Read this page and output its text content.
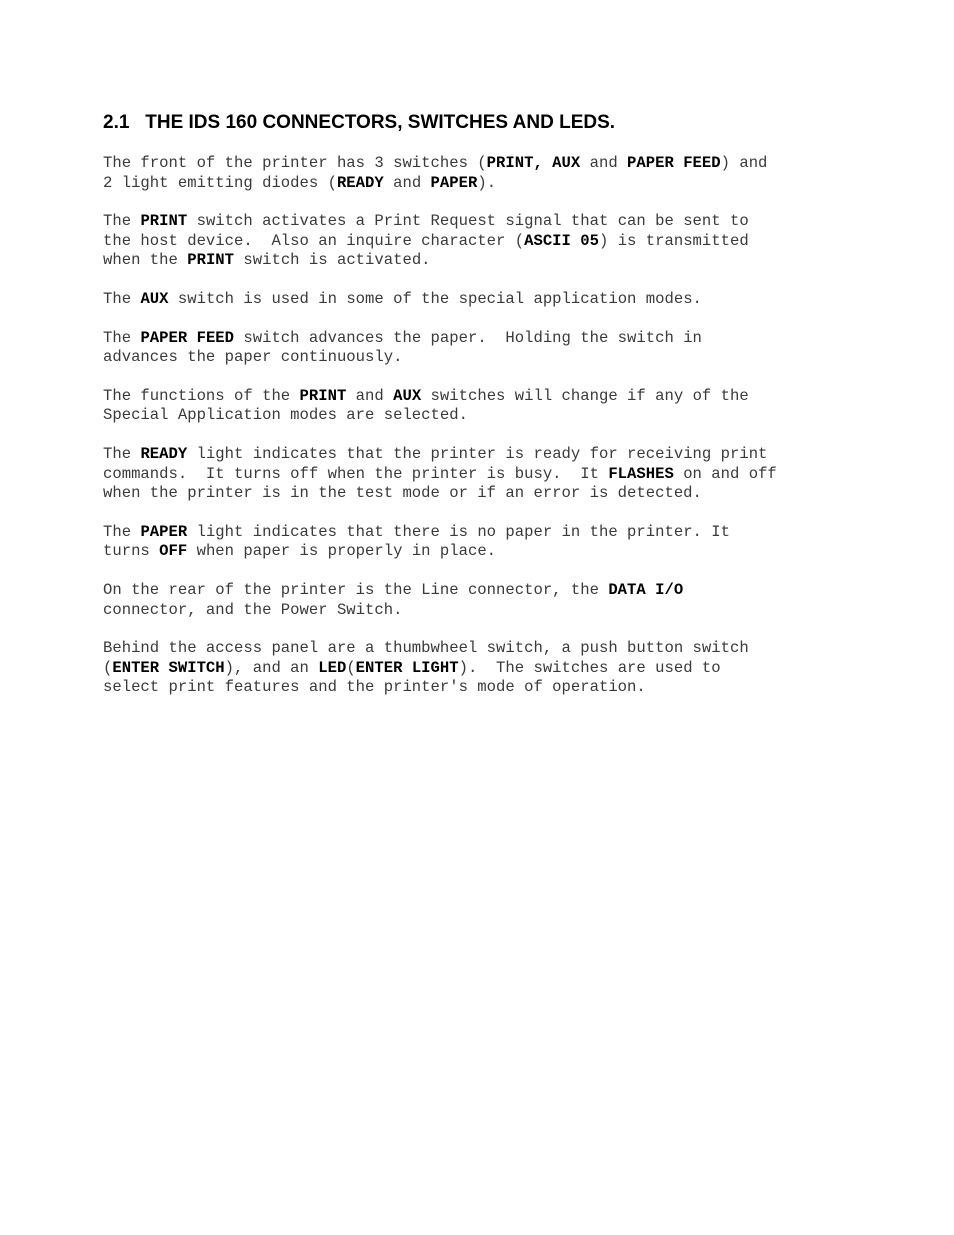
2.1   THE IDS 160 CONNECTORS, SWITCHES AND LEDS.
The front of the printer has 3 switches (PRINT, AUX and PAPER FEED) and
2 light emitting diodes (READY and PAPER).
The PRINT switch activates a Print Request signal that can be sent to
the host device.  Also an inquire character (ASCII 05) is transmitted
when the PRINT switch is activated.
The AUX switch is used in some of the special application modes.
The PAPER FEED switch advances the paper.  Holding the switch in
advances the paper continuously.
The functions of the PRINT and AUX switches will change if any of the
Special Application modes are selected.
The READY light indicates that the printer is ready for receiving print
commands.  It turns off when the printer is busy.  It FLASHES on and off
when the printer is in the test mode or if an error is detected.
The PAPER light indicates that there is no paper in the printer. It
turns OFF when paper is properly in place.
On the rear of the printer is the Line connector, the DATA I/O
connector, and the Power Switch.
Behind the access panel are a thumbwheel switch, a push button switch
(ENTER SWITCH), and an LED(ENTER LIGHT).  The switches are used to
select print features and the printer's mode of operation.
